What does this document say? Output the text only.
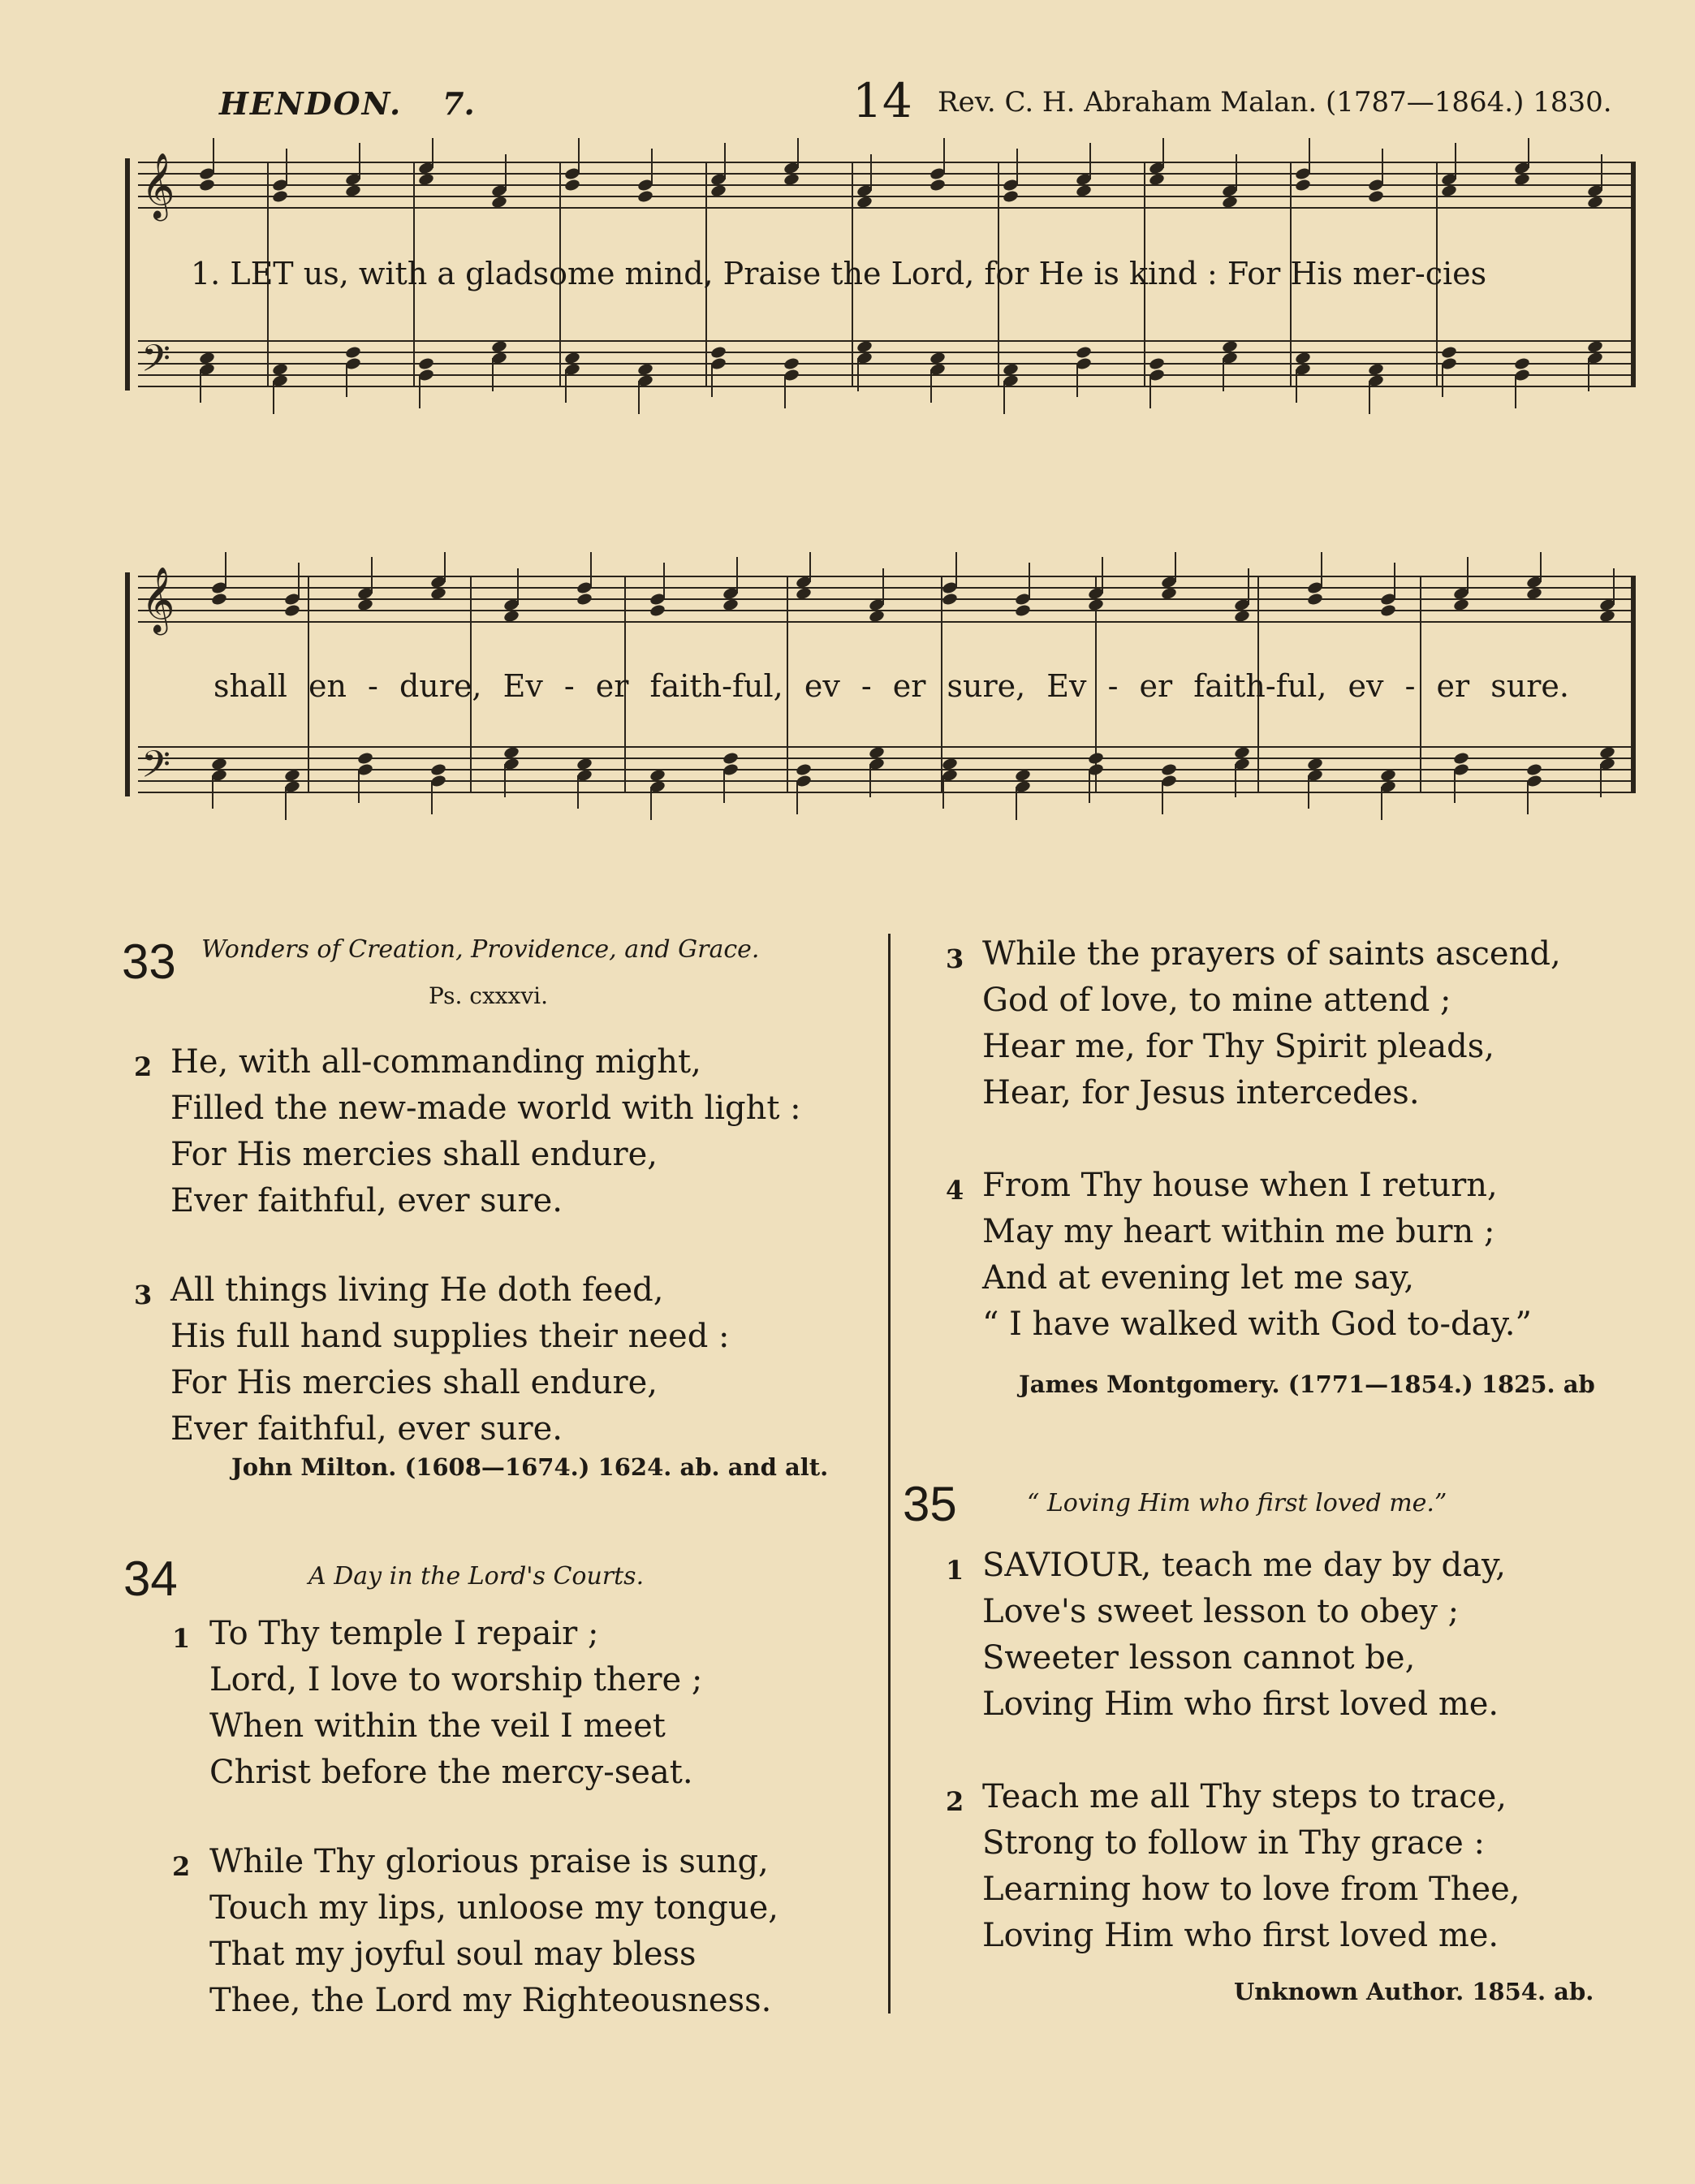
HENDON. 7.	14 Rev. C. H. Abraham Malan. (1787—1864.) 1830.
𝄞
𝄢
1. LET us, with a gladsome mind, Praise the Lord, for He is kind : For His mer-cies
𝄞
𝄢
shall en - dure, Ev - er faith-ful, ev - er sure, Ev - er faith-ful, ev - er sure.
33 Wonders of Creation, Providence, and Grace.
Ps. cxxxvi.
2 He, with all-commanding might,
Filled the new-made world with light :
For His mercies shall endure,
Ever faithful, ever sure.
3 All things living He doth feed,
His full hand supplies their need :
For His mercies shall endure,
Ever faithful, ever sure.
John Milton. (1608—1674.) 1624. ab. and alt.
34	A Day in the Lord's Courts.
1 To Thy temple I repair ;
Lord, I love to worship there ;
When within the veil I meet
Christ before the mercy-seat.
2 While Thy glorious praise is sung,
Touch my lips, unloose my tongue,
That my joyful soul may bless
Thee, the Lord my Righteousness.
3 While the prayers of saints ascend,
God of love, to mine attend ;
Hear me, for Thy Spirit pleads,
Hear, for Jesus intercedes.
4 From Thy house when I return,
May my heart within me burn ;
And at evening let me say,
“ I have walked with God to-day.”
James Montgomery. (1771—1854.) 1825. ab
35	“ Loving Him who first loved me.”
1 SAVIOUR, teach me day by day,
Love's sweet lesson to obey ;
Sweeter lesson cannot be,
Loving Him who first loved me.
2 Teach me all Thy steps to trace,
Strong to follow in Thy grace :
Learning how to love from Thee,
Loving Him who first loved me.
Unknown Author. 1854. ab.
